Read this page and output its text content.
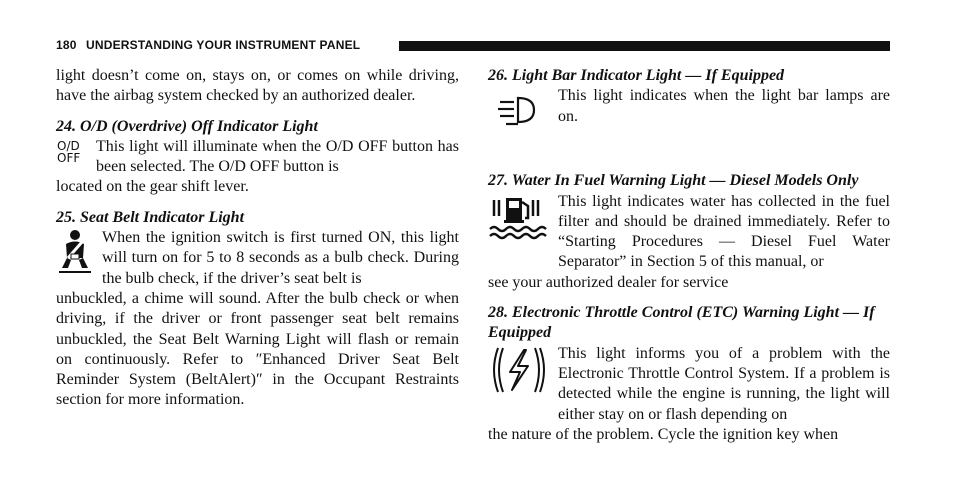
180 UNDERSTANDING YOUR INSTRUMENT PANEL

light doesn’t come on, stays on, or comes on while driving, have the airbag system checked by an authorized dealer.

24. O/D (Overdrive) Off Indicator Light

O/D
OFF

This light will illuminate when the O/D OFF button has been selected. The O/D OFF button is

located on the gear shift lever.

25. Seat Belt Indicator Light

When the ignition switch is first turned ON, this light will turn on for 5 to 8 seconds as a bulb check. During the bulb check, if the driver’s seat belt is

unbuckled, a chime will sound. After the bulb check or when driving, if the driver or front passenger seat belt remains unbuckled, the Seat Belt Warning Light will flash or remain on continuously. Refer to ″Enhanced Driver Seat Belt Reminder System (BeltAlert)″ in the Occupant Restraints section for more information.

26. Light Bar Indicator Light — If Equipped

This light indicates when the light bar lamps are on.

27. Water In Fuel Warning Light — Diesel Models Only

This light indicates water has collected in the fuel filter and should be drained immediately. Refer to “Starting Procedures — Diesel Fuel Water Separator” in Section 5 of this manual, or

see your authorized dealer for service

28. Electronic Throttle Control (ETC) Warning Light — If Equipped

This light informs you of a problem with the Electronic Throttle Control System. If a problem is detected while the engine is running, the light will either stay on or flash depending on

the nature of the problem. Cycle the ignition key when
